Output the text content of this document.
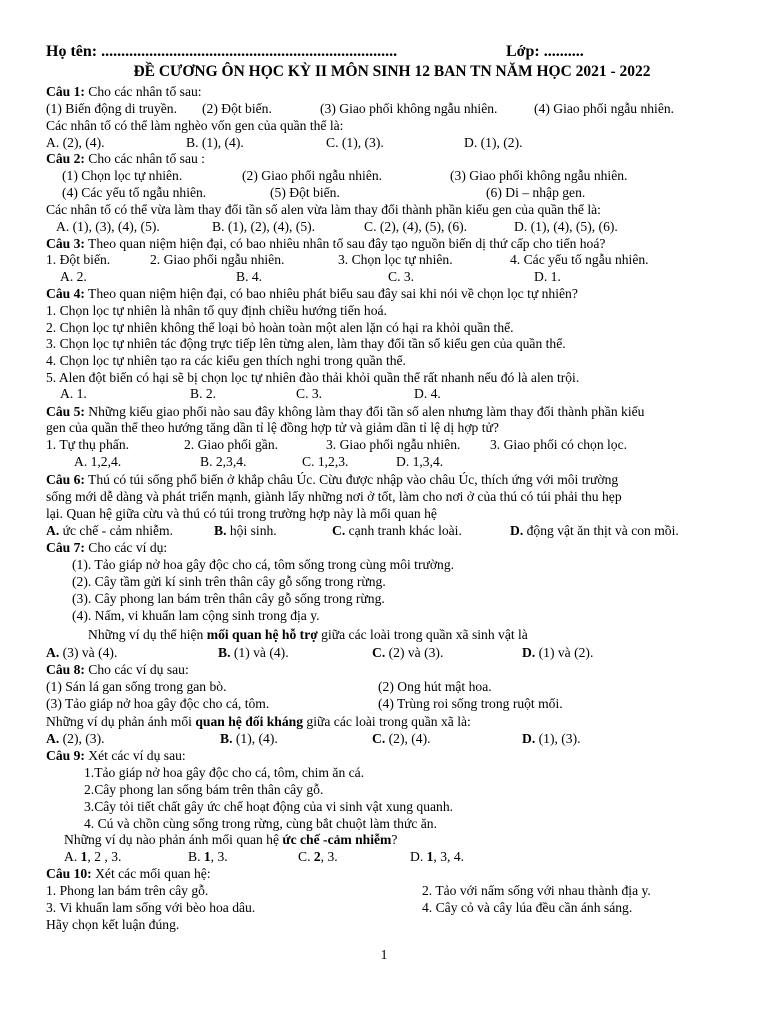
Họ tên: ..........................................................................	Lớp: ..........
ĐỀ CƯƠNG ÔN HỌC KỲ II MÔN SINH 12 BAN TN NĂM HỌC 2021 - 2022
Câu 1: Cho các nhân tố sau:
(1) Biến động di truyền. (2) Đột biến.	(3) Giao phối không ngẫu nhiên.	(4) Giao phối ngẫu nhiên.
Các nhân tố có thể làm nghèo vốn gen của quần thể là:
A. (2), (4).	B. (1), (4).	C. (1), (3).	D. (1), (2).
Câu 2: Cho các nhân tố sau :
(1) Chọn lọc tự nhiên.	(2) Giao phối ngẫu nhiên.	(3) Giao phối không ngẫu nhiên.
(4) Các yếu tố ngẫu nhiên.	(5) Đột biến.	(6) Di – nhập gen.
Các nhân tố có thể vừa làm thay đổi tần số alen vừa làm thay đổi thành phần kiểu gen của quần thể là:
A. (1), (3), (4), (5).	B. (1), (2), (4), (5).	C. (2), (4), (5), (6).	D. (1), (4), (5), (6).
Câu 3: Theo quan niệm hiện đại, có bao nhiêu nhân tố sau đây tạo nguồn biến dị thứ cấp cho tiến hoá?
1. Đột biến.	2. Giao phối ngẫu nhiên.	3. Chọn lọc tự nhiên.	4. Các yếu tố ngẫu nhiên.
A. 2.	B. 4.	C. 3.	D. 1.
Câu 4: Theo quan niệm hiện đại, có bao nhiêu phát biểu sau đây sai khi nói về chọn lọc tự nhiên?
1. Chọn lọc tự nhiên là nhân tố quy định chiều hướng tiến hoá.
2. Chọn lọc tự nhiên không thể loại bỏ hoàn toàn một alen lặn có hại ra khỏi quần thể.
3. Chọn lọc tự nhiên tác động trực tiếp lên từng alen, làm thay đổi tần số kiểu gen của quần thể.
4. Chọn lọc tự nhiên tạo ra các kiểu gen thích nghi trong quần thể.
5. Alen đột biến có hại sẽ bị chọn lọc tự nhiên đào thải khỏi quần thể rất nhanh nếu đó là alen trội.
A. 1.	B. 2.	C. 3.	D. 4.
Câu 5: Những kiểu giao phối nào sau đây không làm thay đổi tần số alen nhưng làm thay đổi thành phần kiểu
gen của quần thể theo hướng tăng dần tỉ lệ đồng hợp tử và giảm dần tỉ lệ dị hợp tử?
1. Tự thụ phấn.	2. Giao phối gần.	3. Giao phối ngẫu nhiên. 3. Giao phối có chọn lọc.
A. 1,2,4.	B. 2,3,4.	C. 1,2,3.	D. 1,3,4.
Câu 6: Thú có túi sống phổ biến ở khắp châu Úc. Cừu được nhập vào châu Úc, thích ứng với môi trường
sống mới dễ dàng và phát triển mạnh, giành lấy những nơi ở tốt, làm cho nơi ở của thú có túi phải thu hẹp
lại. Quan hệ giữa cừu và thú có túi trong trường hợp này là mối quan hệ
A. ức chế - cảm nhiễm.	B. hội sinh.	C. cạnh tranh khác loài.	D. động vật ăn thịt và con mồi.
Câu 7: Cho các ví dụ:
(1). Tảo giáp nở hoa gây độc cho cá, tôm sống trong cùng môi trường.
(2). Cây tầm gửi kí sinh trên thân cây gỗ sống trong rừng.
(3). Cây phong lan bám trên thân cây gỗ sống trong rừng.
(4). Nấm, vi khuẩn lam cộng sinh trong địa y.
Những ví dụ thể hiện mối quan hệ hỗ trợ giữa các loài trong quần xã sinh vật là
A. (3) và (4).	B. (1) và (4).	C. (2) và (3).	D. (1) và (2).
Câu 8: Cho các ví dụ sau:
(1) Sán lá gan sống trong gan bò.	(2) Ong hút mật hoa.
(3) Tảo giáp nở hoa gây độc cho cá, tôm.	(4) Trùng roi sống trong ruột mối.
Những ví dụ phản ánh mối quan hệ đối kháng giữa các loài trong quần xã là:
A. (2), (3).	B. (1), (4).	C. (2), (4).	D. (1), (3).
Câu 9: Xét các ví dụ sau:
1.Tảo giáp nở hoa gây độc cho cá, tôm, chim ăn cá.
2.Cây phong lan sống bám trên thân cây gỗ.
3.Cây tỏi tiết chất gây ức chế hoạt động của vi sinh vật xung quanh.
4. Cú và chồn cùng sống trong rừng, cùng bắt chuột làm thức ăn.
Những ví dụ nào phản ánh mối quan hệ ức chế -cảm nhiễm?
A. 1, 2 , 3.	B. 1, 3.	C. 2, 3.	D. 1, 3, 4.
Câu 10: Xét các mối quan hệ:
1. Phong lan bám trên cây gỗ.	2. Tảo với nấm sống với nhau thành địa y.
3. Vi khuẩn lam sống với bèo hoa dâu.	4. Cây cỏ và cây lúa đều cần ánh sáng.
Hãy chọn kết luận đúng.
1
